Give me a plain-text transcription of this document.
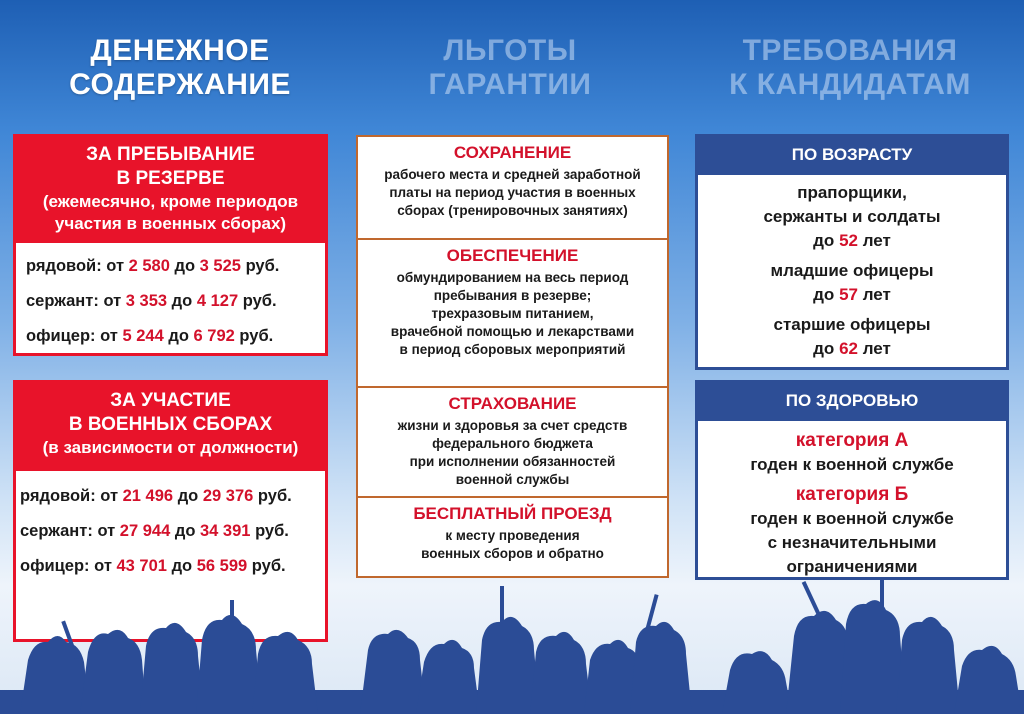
ДЕНЕЖНОЕ
СОДЕРЖАНИЕ
ЛЬГОТЫ
ГАРАНТИИ
ТРЕБОВАНИЯ
К КАНДИДАТАМ
ЗА ПРЕБЫВАНИЕ
В РЕЗЕРВЕ
(ежемесячно, кроме периодов
участия в военных сборах)
рядовой: от 2 580 до 3 525 руб.
сержант: от 3 353 до 4 127 руб.
офицер: от 5 244 до 6 792 руб.
ЗА УЧАСТИЕ
В ВОЕННЫХ СБОРАХ
(в зависимости от должности)
рядовой: от 21 496 до 29 376 руб.
сержант: от 27 944 до 34 391 руб.
офицер: от 43 701 до 56 599 руб.
СОХРАНЕНИЕ
рабочего места и средней заработной
платы на период участия в военных
сборах (тренировочных занятиях)
ОБЕСПЕЧЕНИЕ
обмундированием на весь период
пребывания в резерве;
трехразовым питанием,
врачебной помощью и лекарствами
в период сборовых мероприятий
СТРАХОВАНИЕ
жизни и здоровья за счет средств
федерального бюджета
при исполнении обязанностей
военной службы
БЕСПЛАТНЫЙ ПРОЕЗД
к месту проведения
военных сборов и обратно
ПО ВОЗРАСТУ
прапорщики,
сержанты и солдаты
до 52 лет
младшие офицеры
до 57 лет
старшие офицеры
до 62 лет
ПО ЗДОРОВЬЮ
категория А
годен к военной службе
категория Б
годен к военной службе
с незначительными
ограничениями
